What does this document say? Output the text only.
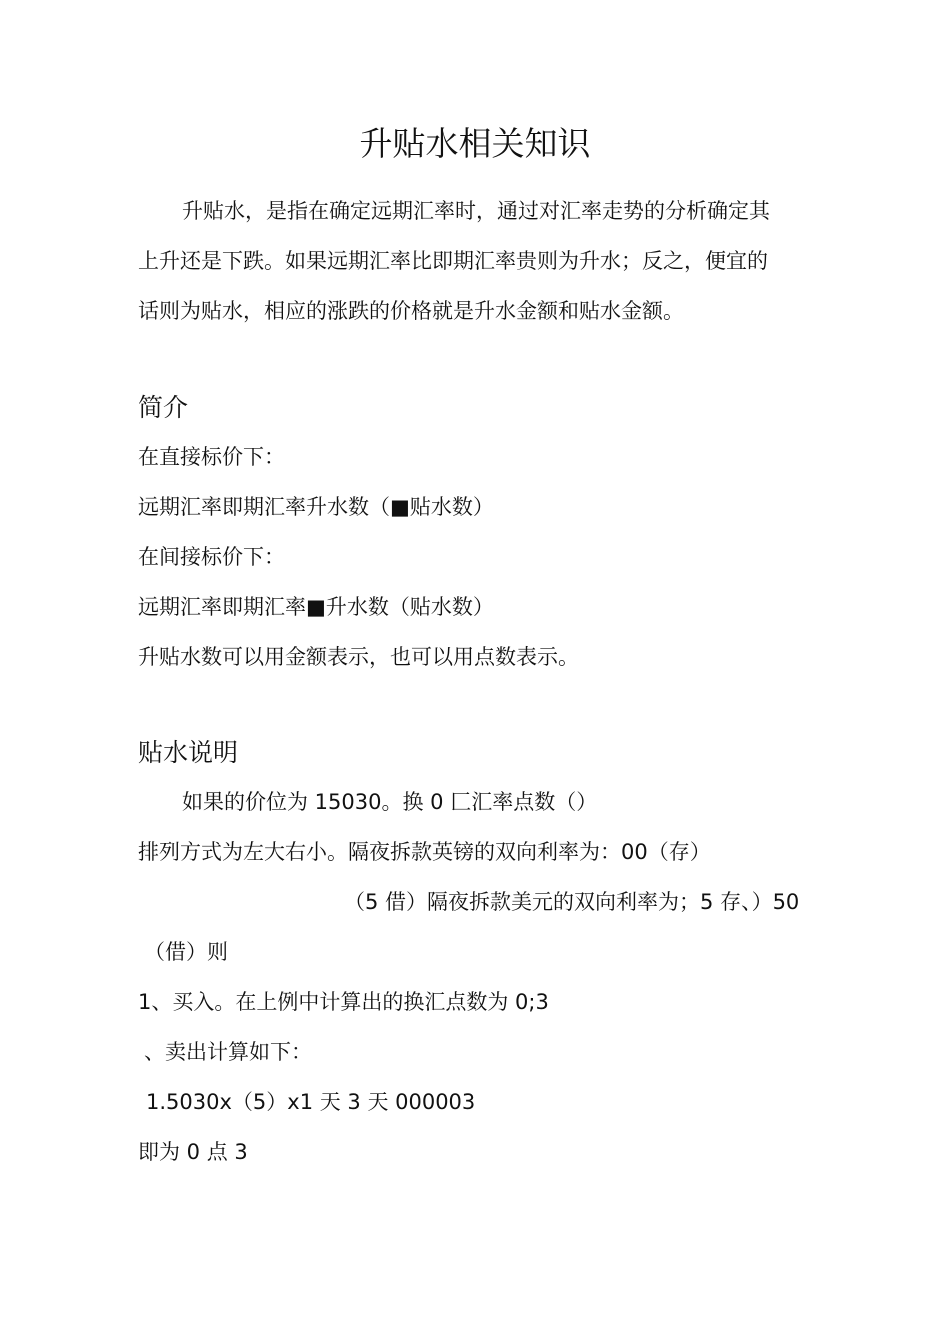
升贴水相关知识
升贴水，是指在确定远期汇率时，通过对汇率走势的分析确定其
上升还是下跌。如果远期汇率比即期汇率贵则为升水；反之，便宜的
话则为贴水，相应的涨跌的价格就是升水金额和贴水金额。
简介
在直接标价下：
远期汇率即期汇率升水数（■贴水数）
在间接标价下：
远期汇率即期汇率■升水数（贴水数）
升贴水数可以用金额表示，也可以用点数表示。
贴水说明
如果的价位为 15030。换 0 匚汇率点数（）
排列方式为左大右小。隔夜拆款英镑的双向利率为：00（存）
（5 借）隔夜拆款美元的双向利率为；5 存、）50
（借）则
1、买入。在上例中计算出的换汇点数为 0;3
、卖出计算如下：
1.5030x（5）x1 天 3 天 000003
即为 0 点 3
